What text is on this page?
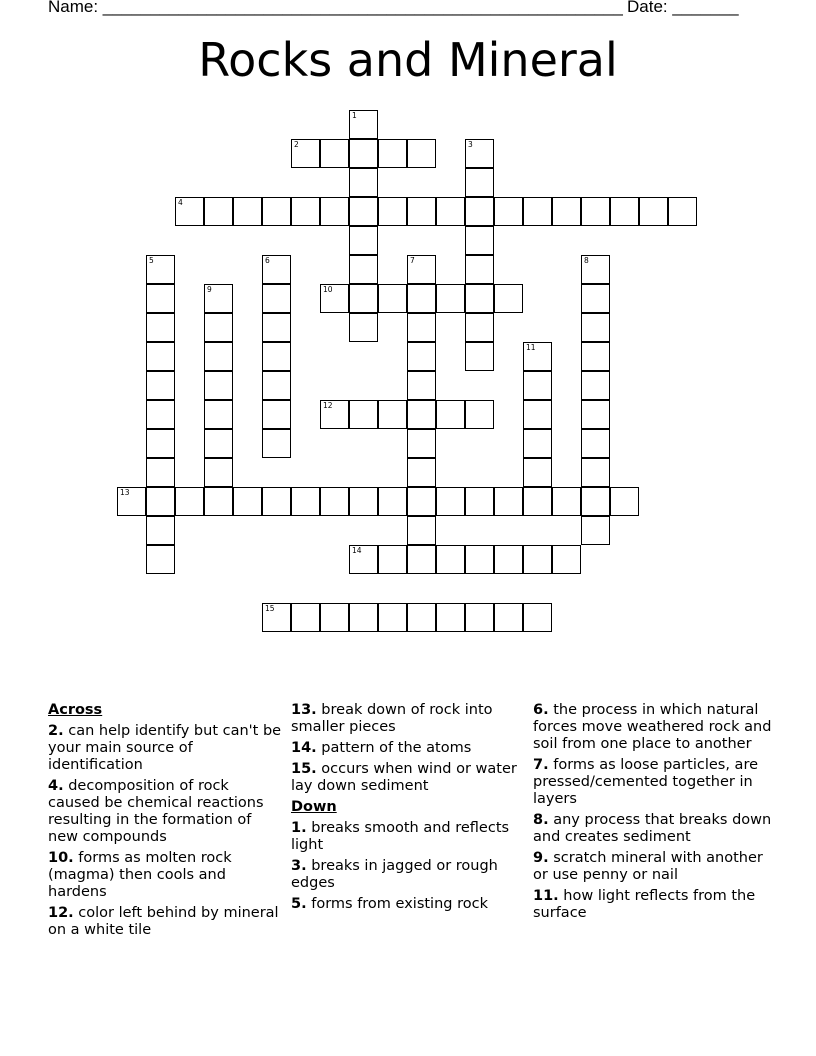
Name: _______________________________________________________ Date: _______
Rocks and Mineral
1
2	3
4
5	6	7	8
9	10
11
12
13
14
15
Across
2. can help identify but can't be your main source of identification
4. decomposition of rock caused be chemical reactions resulting in the formation of new compounds
10. forms as molten rock (magma) then cools and hardens
12. color left behind by mineral on a white tile
13. break down of rock into smaller pieces
14. pattern of the atoms
15. occurs when wind or water lay down sediment
Down
1. breaks smooth and reflects light
3. breaks in jagged or rough edges
5. forms from existing rock
6. the process in which natural forces move weathered rock and soil from one place to another
7. forms as loose particles, are pressed/cemented together in layers
8. any process that breaks down and creates sediment
9. scratch mineral with another or use penny or nail
11. how light reflects from the surface
